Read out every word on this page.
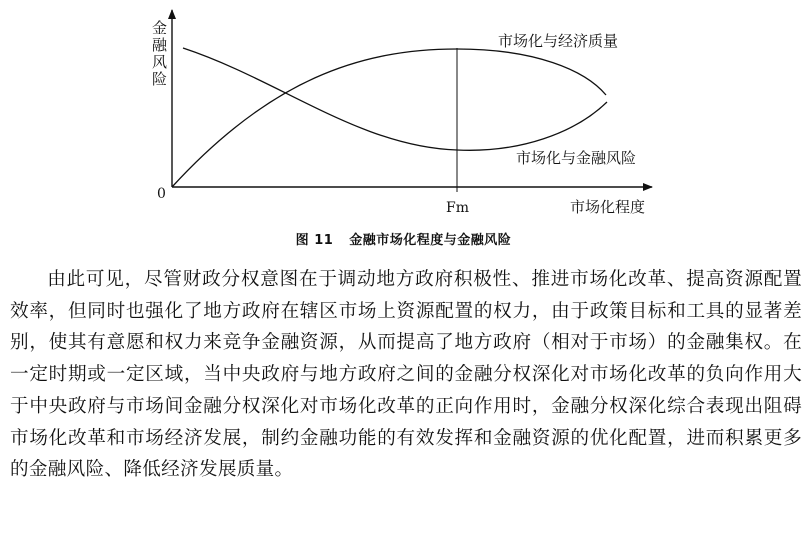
金
融
风
险
0
Fm	市场化程度
市场化与经济质量
市场化与金融风险
图 11 金融市场化程度与金融风险

由此可见，尽管财政分权意图在于调动地方政府积极性、推进市场化改革、提高资源配置效率，但同时也强化了地方政府在辖区市场上资源配置的权力，由于政策目标和工具的显著差别，使其有意愿和权力来竞争金融资源，从而提高了地方政府（相对于市场）的金融集权。在一定时期或一定区域，当中央政府与地方政府之间的金融分权深化对市场化改革的负向作用大于中央政府与市场间金融分权深化对市场化改革的正向作用时，金融分权深化综合表现出阻碍市场化改革和市场经济发展，制约金融功能的有效发挥和金融资源的优化配置，进而积累更多的金融风险、降低经济发展质量。
